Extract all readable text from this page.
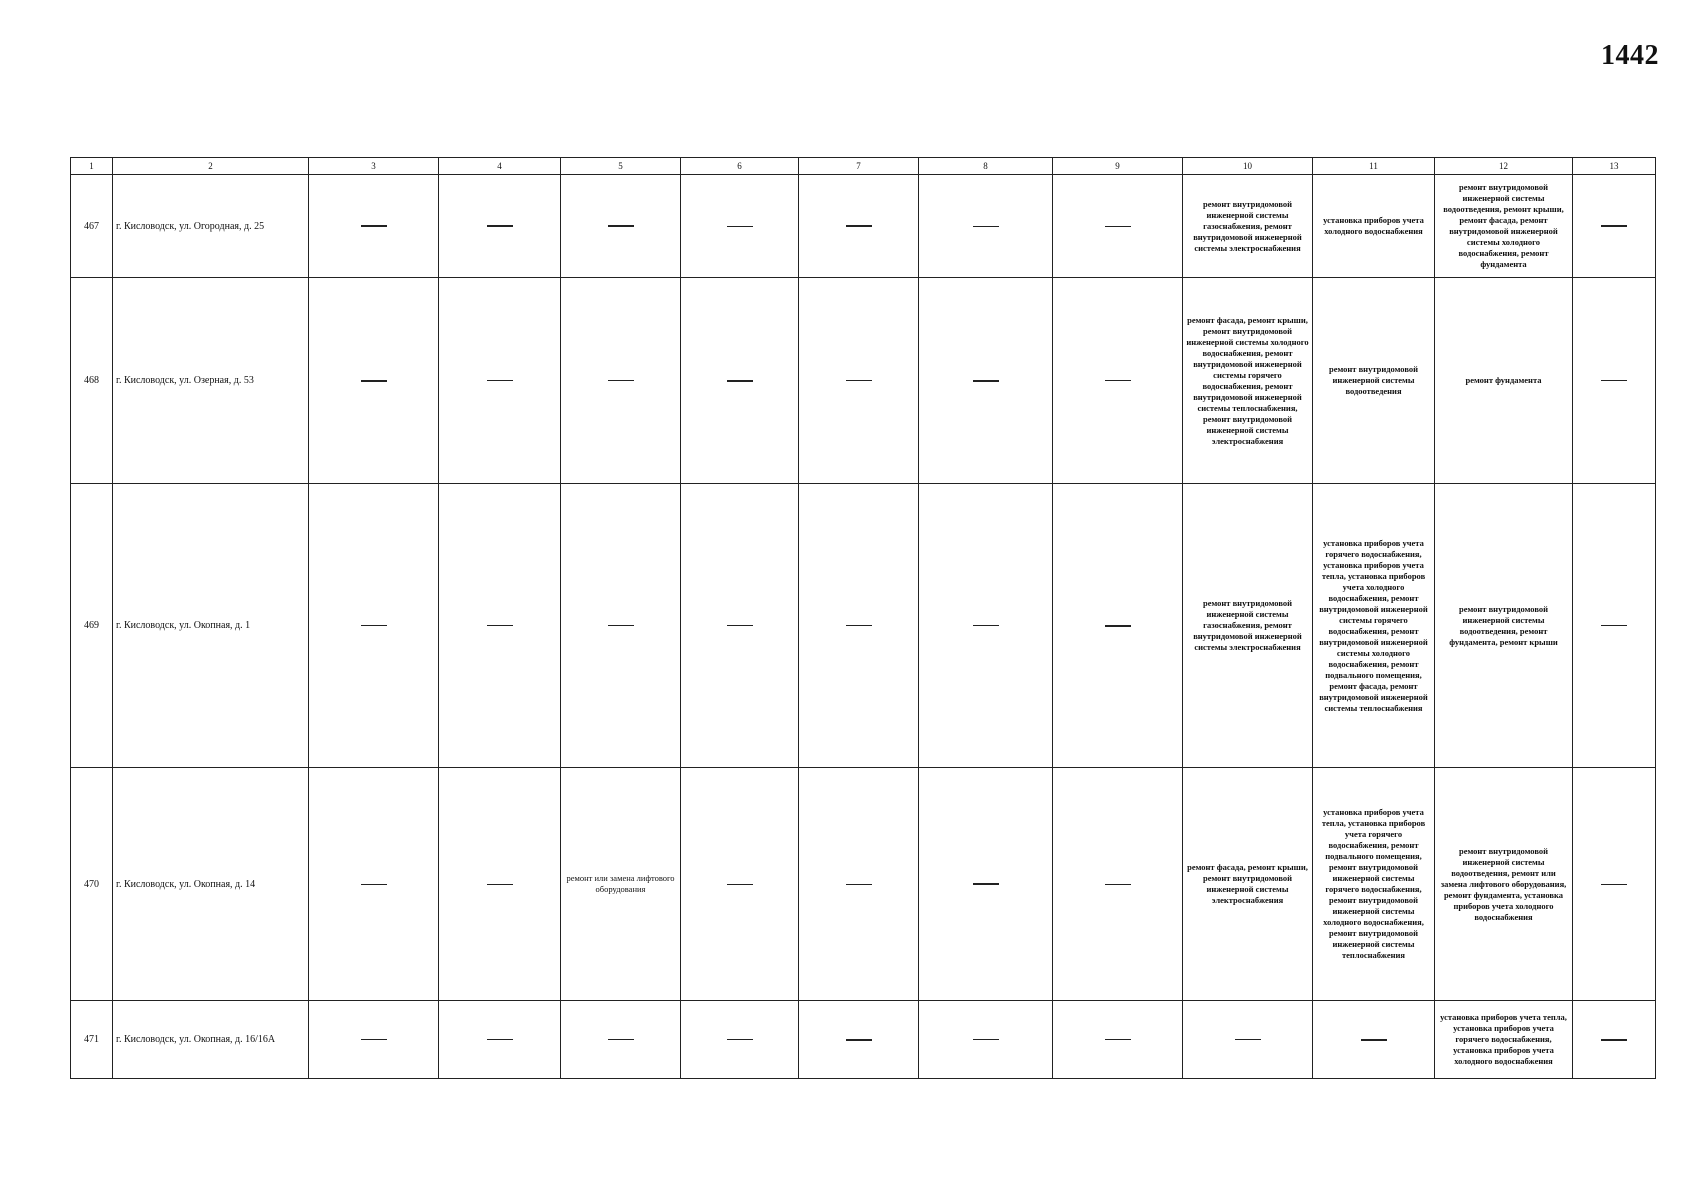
1442
1	2	3	4	5	6	7	8	9	10	11	12	13
467	г. Кисловодск, ул. Огородная, д. 25								ремонт внутридомовой инженерной системы газоснабжения, ремонт внутридомовой инженерной системы электроснабжения	установка приборов учета холодного водоснабжения	ремонт внутридомовой инженерной системы водоотведения, ремонт крыши, ремонт фасада, ремонт внутридомовой инженерной системы холодного водоснабжения, ремонт фундамента	
468	г. Кисловодск, ул. Озерная, д. 53								ремонт фасада, ремонт крыши, ремонт внутридомовой инженерной системы холодного водоснабжения, ремонт внутридомовой инженерной системы горячего водоснабжения, ремонт внутридомовой инженерной системы теплоснабжения, ремонт внутридомовой инженерной системы электроснабжения	ремонт внутридомовой инженерной системы водоотведения	ремонт фундамента	
469	г. Кисловодск, ул. Окопная, д. 1								ремонт внутридомовой инженерной системы газоснабжения, ремонт внутридомовой инженерной системы электроснабжения	установка приборов учета горячего водоснабжения, установка приборов учета тепла, установка приборов учета холодного водоснабжения, ремонт внутридомовой инженерной системы горячего водоснабжения, ремонт внутридомовой инженерной системы холодного водоснабжения, ремонт подвального помещения, ремонт фасада, ремонт внутридомовой инженерной системы теплоснабжения	ремонт внутридомовой инженерной системы водоотведения, ремонт фундамента, ремонт крыши	
470	г. Кисловодск, ул. Окопная, д. 14			ремонт или замена лифтового оборудования					ремонт фасада, ремонт крыши, ремонт внутридомовой инженерной системы электроснабжения	установка приборов учета тепла, установка приборов учета горячего водоснабжения, ремонт подвального помещения, ремонт внутридомовой инженерной системы горячего водоснабжения, ремонт внутридомовой инженерной системы холодного водоснабжения, ремонт внутридомовой инженерной системы теплоснабжения	ремонт внутридомовой инженерной системы водоотведения, ремонт или замена лифтового оборудования, ремонт фундамента, установка приборов учета холодного водоснабжения	
471	г. Кисловодск, ул. Окопная, д. 16/16А										установка приборов учета тепла, установка приборов учета горячего водоснабжения, установка приборов учета холодного водоснабжения	
